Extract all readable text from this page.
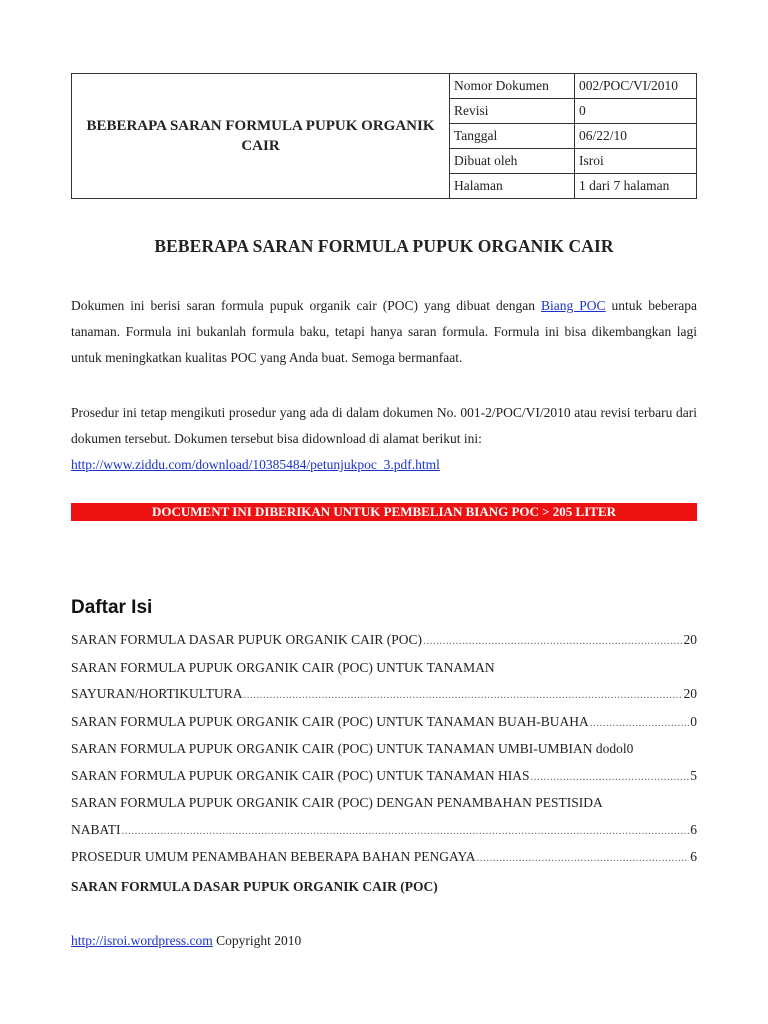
BEBERAPA SARAN FORMULA PUPUK ORGANIK CAIR	Nomor Dokumen	002/POC/VI/2010
	Revisi	0
	Tanggal	06/22/10
	Dibuat oleh	Isroi
	Halaman	1 dari 7 halaman
BEBERAPA SARAN FORMULA PUPUK ORGANIK CAIR

Dokumen ini berisi saran formula pupuk organik cair (POC) yang dibuat dengan Biang POC untuk beberapa tanaman. Formula ini bukanlah formula baku, tetapi hanya saran formula. Formula ini bisa dikembangkan lagi untuk meningkatkan kualitas POC yang Anda buat. Semoga bermanfaat.

Prosedur ini tetap mengikuti prosedur yang ada di dalam dokumen No. 001-2/POC/VI/2010 atau revisi terbaru dari dokumen tersebut. Dokumen tersebut bisa didownload di alamat berikut ini:
http://www.ziddu.com/download/10385484/petunjukpoc_3.pdf.html

DOCUMENT INI DIBERIKAN UNTUK PEMBELIAN BIANG POC > 205 LITER
Daftar Isi
SARAN FORMULA DASAR PUPUK ORGANIK CAIR (POC) .....	20
SARAN FORMULA PUPUK ORGANIK CAIR (POC) UNTUK TANAMAN
SAYURAN/HORTIKULTURA .....	20
SARAN FORMULA PUPUK ORGANIK CAIR (POC) UNTUK TANAMAN BUAH-BUAHA .....	0
SARAN FORMULA PUPUK ORGANIK CAIR (POC) UNTUK TANAMAN UMBI-UMBIAN dodol 0
SARAN FORMULA PUPUK ORGANIK CAIR (POC) UNTUK TANAMAN HIAS .....	5
SARAN FORMULA PUPUK ORGANIK CAIR (POC) DENGAN PENAMBAHAN PESTISIDA
NABATI .....	6
PROSEDUR UMUM PENAMBAHAN BEBERAPA BAHAN PENGAYA .....	6
SARAN FORMULA DASAR PUPUK ORGANIK CAIR (POC)
http://isroi.wordpress.com Copyright 2010
